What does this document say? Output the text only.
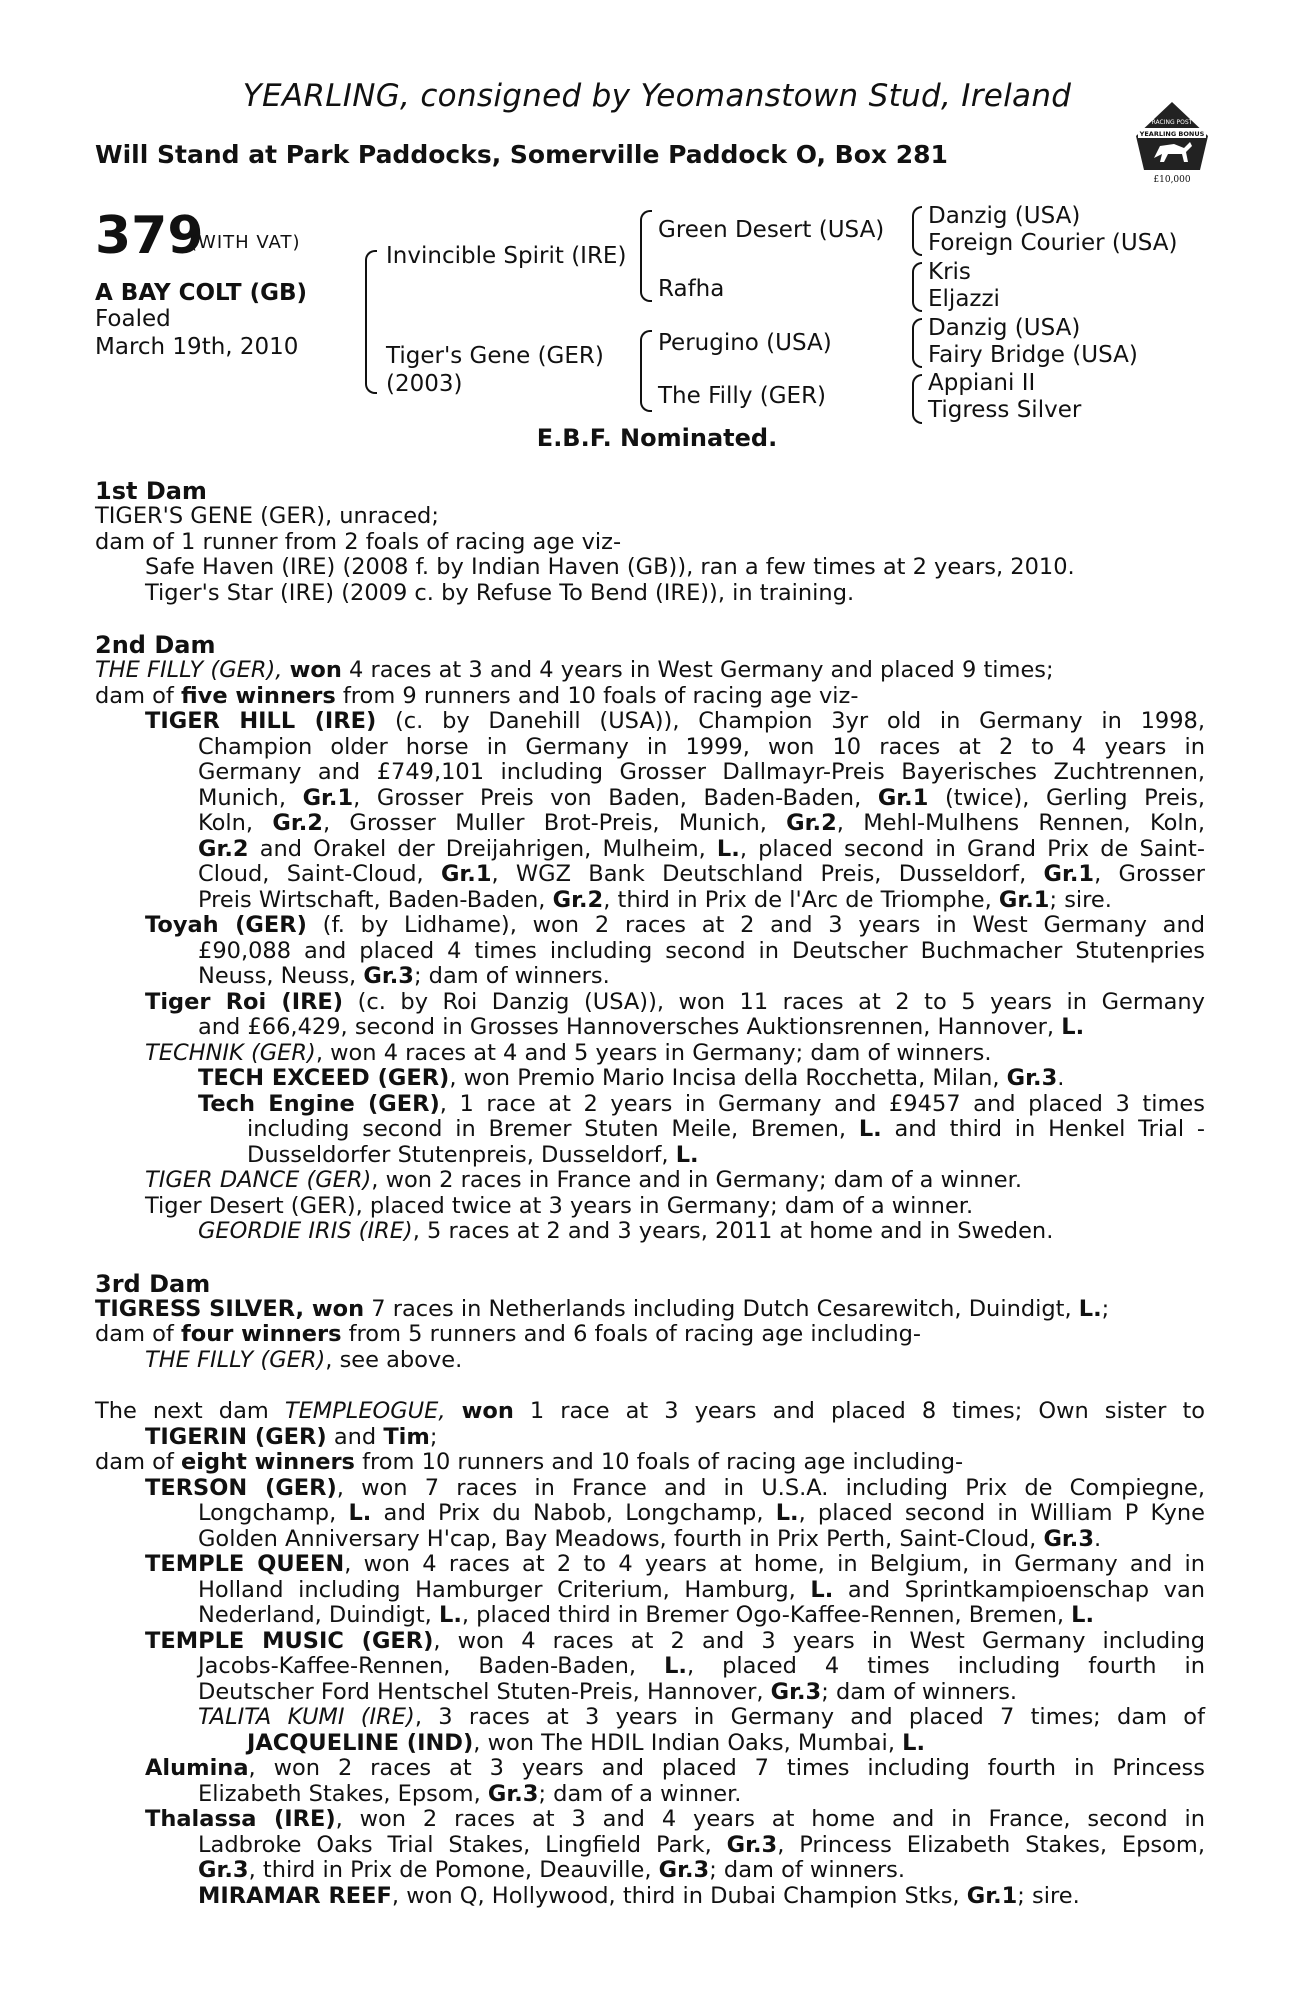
YEARLING, consigned by Yeomanstown Stud, Ireland
Will Stand at Park Paddocks, Somerville Paddock O, Box 281
RACING POST
YEARLING BONUS
£10,000
379
(WITH VAT)
A BAY COLT (GB)
Foaled
March 19th, 2010
Invincible Spirit (IRE)
Tiger's Gene (GER)
(2003)
Green Desert (USA)
Rafha
Perugino (USA)
The Filly (GER)
Danzig (USA)
Foreign Courier (USA)
Kris
Eljazzi
Danzig (USA)
Fairy Bridge (USA)
Appiani II
Tigress Silver
E.B.F. Nominated.
1st Dam
TIGER'S GENE (GER), unraced;
dam of 1 runner from 2 foals of racing age viz-
Safe Haven (IRE) (2008 f. by Indian Haven (GB)), ran a few times at 2 years, 2010.
Tiger's Star (IRE) (2009 c. by Refuse To Bend (IRE)), in training.
2nd Dam
THE FILLY (GER), won 4 races at 3 and 4 years in West Germany and placed 9 times;
dam of five winners from 9 runners and 10 foals of racing age viz-
TIGER HILL (IRE) (c. by Danehill (USA)), Champion 3yr old in Germany in 1998,
Champion older horse in Germany in 1999, won 10 races at 2 to 4 years in
Germany and £749,101 including Grosser Dallmayr-Preis Bayerisches Zuchtrennen,
Munich, Gr.1, Grosser Preis von Baden, Baden-Baden, Gr.1 (twice), Gerling Preis,
Koln, Gr.2, Grosser Muller Brot-Preis, Munich, Gr.2, Mehl-Mulhens Rennen, Koln,
Gr.2 and Orakel der Dreijahrigen, Mulheim, L., placed second in Grand Prix de Saint-
Cloud, Saint-Cloud, Gr.1, WGZ Bank Deutschland Preis, Dusseldorf, Gr.1, Grosser
Preis Wirtschaft, Baden-Baden, Gr.2, third in Prix de l'Arc de Triomphe, Gr.1; sire.
Toyah (GER) (f. by Lidhame), won 2 races at 2 and 3 years in West Germany and
£90,088 and placed 4 times including second in Deutscher Buchmacher Stutenpries
Neuss, Neuss, Gr.3; dam of winners.
Tiger Roi (IRE) (c. by Roi Danzig (USA)), won 11 races at 2 to 5 years in Germany
and £66,429, second in Grosses Hannoversches Auktionsrennen, Hannover, L.
TECHNIK (GER), won 4 races at 4 and 5 years in Germany; dam of winners.
TECH EXCEED (GER), won Premio Mario Incisa della Rocchetta, Milan, Gr.3.
Tech Engine (GER), 1 race at 2 years in Germany and £9457 and placed 3 times
including second in Bremer Stuten Meile, Bremen, L. and third in Henkel Trial -
Dusseldorfer Stutenpreis, Dusseldorf, L.
TIGER DANCE (GER), won 2 races in France and in Germany; dam of a winner.
Tiger Desert (GER), placed twice at 3 years in Germany; dam of a winner.
GEORDIE IRIS (IRE), 5 races at 2 and 3 years, 2011 at home and in Sweden.
3rd Dam
TIGRESS SILVER, won 7 races in Netherlands including Dutch Cesarewitch, Duindigt, L.;
dam of four winners from 5 runners and 6 foals of racing age including-
THE FILLY (GER), see above.
The next dam TEMPLEOGUE, won 1 race at 3 years and placed 8 times; Own sister to
TIGERIN (GER) and Tim;
dam of eight winners from 10 runners and 10 foals of racing age including-
TERSON (GER), won 7 races in France and in U.S.A. including Prix de Compiegne,
Longchamp, L. and Prix du Nabob, Longchamp, L., placed second in William P Kyne
Golden Anniversary H'cap, Bay Meadows, fourth in Prix Perth, Saint-Cloud, Gr.3.
TEMPLE QUEEN, won 4 races at 2 to 4 years at home, in Belgium, in Germany and in
Holland including Hamburger Criterium, Hamburg, L. and Sprintkampioenschap van
Nederland, Duindigt, L., placed third in Bremer Ogo-Kaffee-Rennen, Bremen, L.
TEMPLE MUSIC (GER), won 4 races at 2 and 3 years in West Germany including
Jacobs-Kaffee-Rennen, Baden-Baden, L., placed 4 times including fourth in
Deutscher Ford Hentschel Stuten-Preis, Hannover, Gr.3; dam of winners.
TALITA KUMI (IRE), 3 races at 3 years in Germany and placed 7 times; dam of
JACQUELINE (IND), won The HDIL Indian Oaks, Mumbai, L.
Alumina, won 2 races at 3 years and placed 7 times including fourth in Princess
Elizabeth Stakes, Epsom, Gr.3; dam of a winner.
Thalassa (IRE), won 2 races at 3 and 4 years at home and in France, second in
Ladbroke Oaks Trial Stakes, Lingfield Park, Gr.3, Princess Elizabeth Stakes, Epsom,
Gr.3, third in Prix de Pomone, Deauville, Gr.3; dam of winners.
MIRAMAR REEF, won Q, Hollywood, third in Dubai Champion Stks, Gr.1; sire.
